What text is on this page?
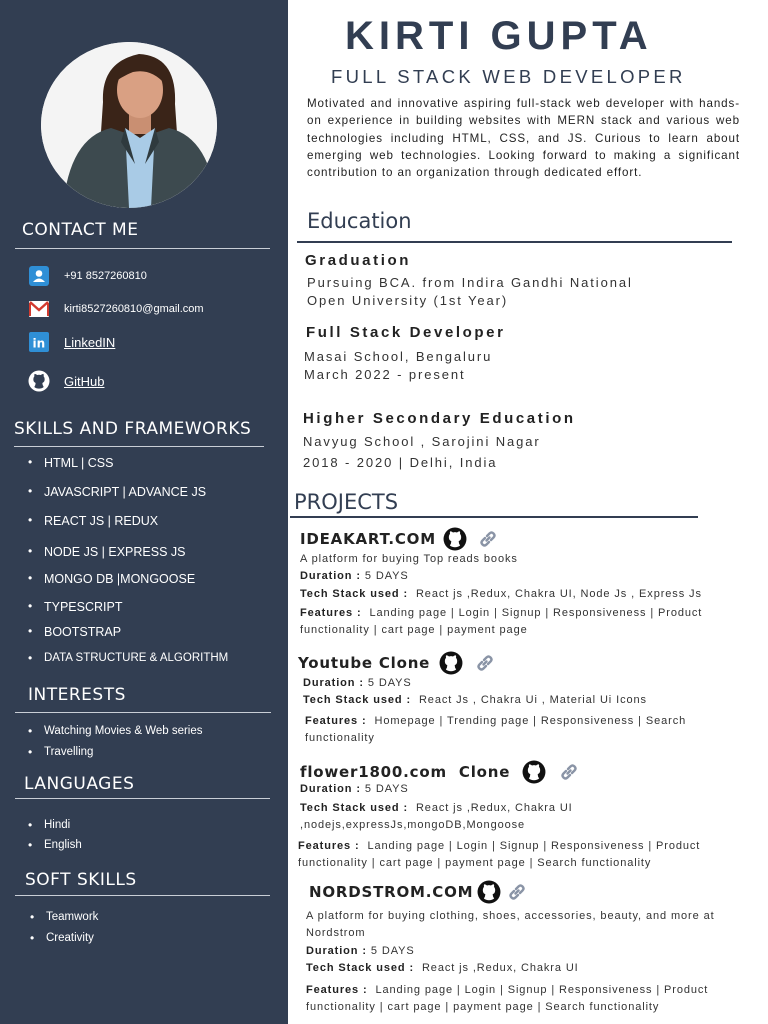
CONTACT ME
+91 8527260810
kirti8527260810@gmail.com
in LinkedIN
GitHub
SKILLS AND FRAMEWORKS
• HTML | CSS
• JAVASCRIPT | ADVANCE JS
• REACT JS | REDUX
• NODE JS | EXPRESS JS
• MONGO DB |MONGOOSE
• TYPESCRIPT
• BOOTSTRAP
• DATA STRUCTURE & ALGORITHM
INTERESTS
• Watching Movies & Web series
• Travelling
LANGUAGES
• Hindi
• English
SOFT SKILLS
• Teamwork
• Creativity
KIRTI GUPTA
FULL STACK WEB DEVELOPER

Motivated and innovative aspiring full-stack web developer with hands-on experience in building websites with MERN stack and various web technologies including HTML, CSS, and JS. Curious to learn about emerging web technologies. Looking forward to making a significant contribution to an organization through dedicated effort.

Education
Graduation
Pursuing BCA. from Indira Gandhi National
Open University (1st Year)
Full Stack Developer
Masai School, Bengaluru
March 2022 - present
Higher Secondary Education
Navyug School , Sarojini Nagar
2018 - 2020 | Delhi, India
PROJECTS
IDEAKART.COM
A platform for buying Top reads books
Duration : 5 DAYS
Tech Stack used : React js ,Redux, Chakra UI, Node Js , Express Js
Features : Landing page | Login | Signup | Responsiveness | Product functionality | cart page | payment page
Youtube Clone
Duration : 5 DAYS
Tech Stack used : React Js , Chakra Ui , Material Ui Icons
Features : Homepage | Trending page | Responsiveness | Search functionality
flower1800.com  Clone
Duration : 5 DAYS
Tech Stack used : React js ,Redux, Chakra UI ,nodejs,expressJs,mongoDB,Mongoose
Features : Landing page | Login | Signup | Responsiveness | Product functionality | cart page | payment page | Search functionality
NORDSTROM.COM
A platform for buying clothing, shoes, accessories, beauty, and more at Nordstrom
Duration : 5 DAYS
Tech Stack used : React js ,Redux, Chakra UI
Features : Landing page | Login | Signup | Responsiveness | Product functionality | cart page | payment page | Search functionality
